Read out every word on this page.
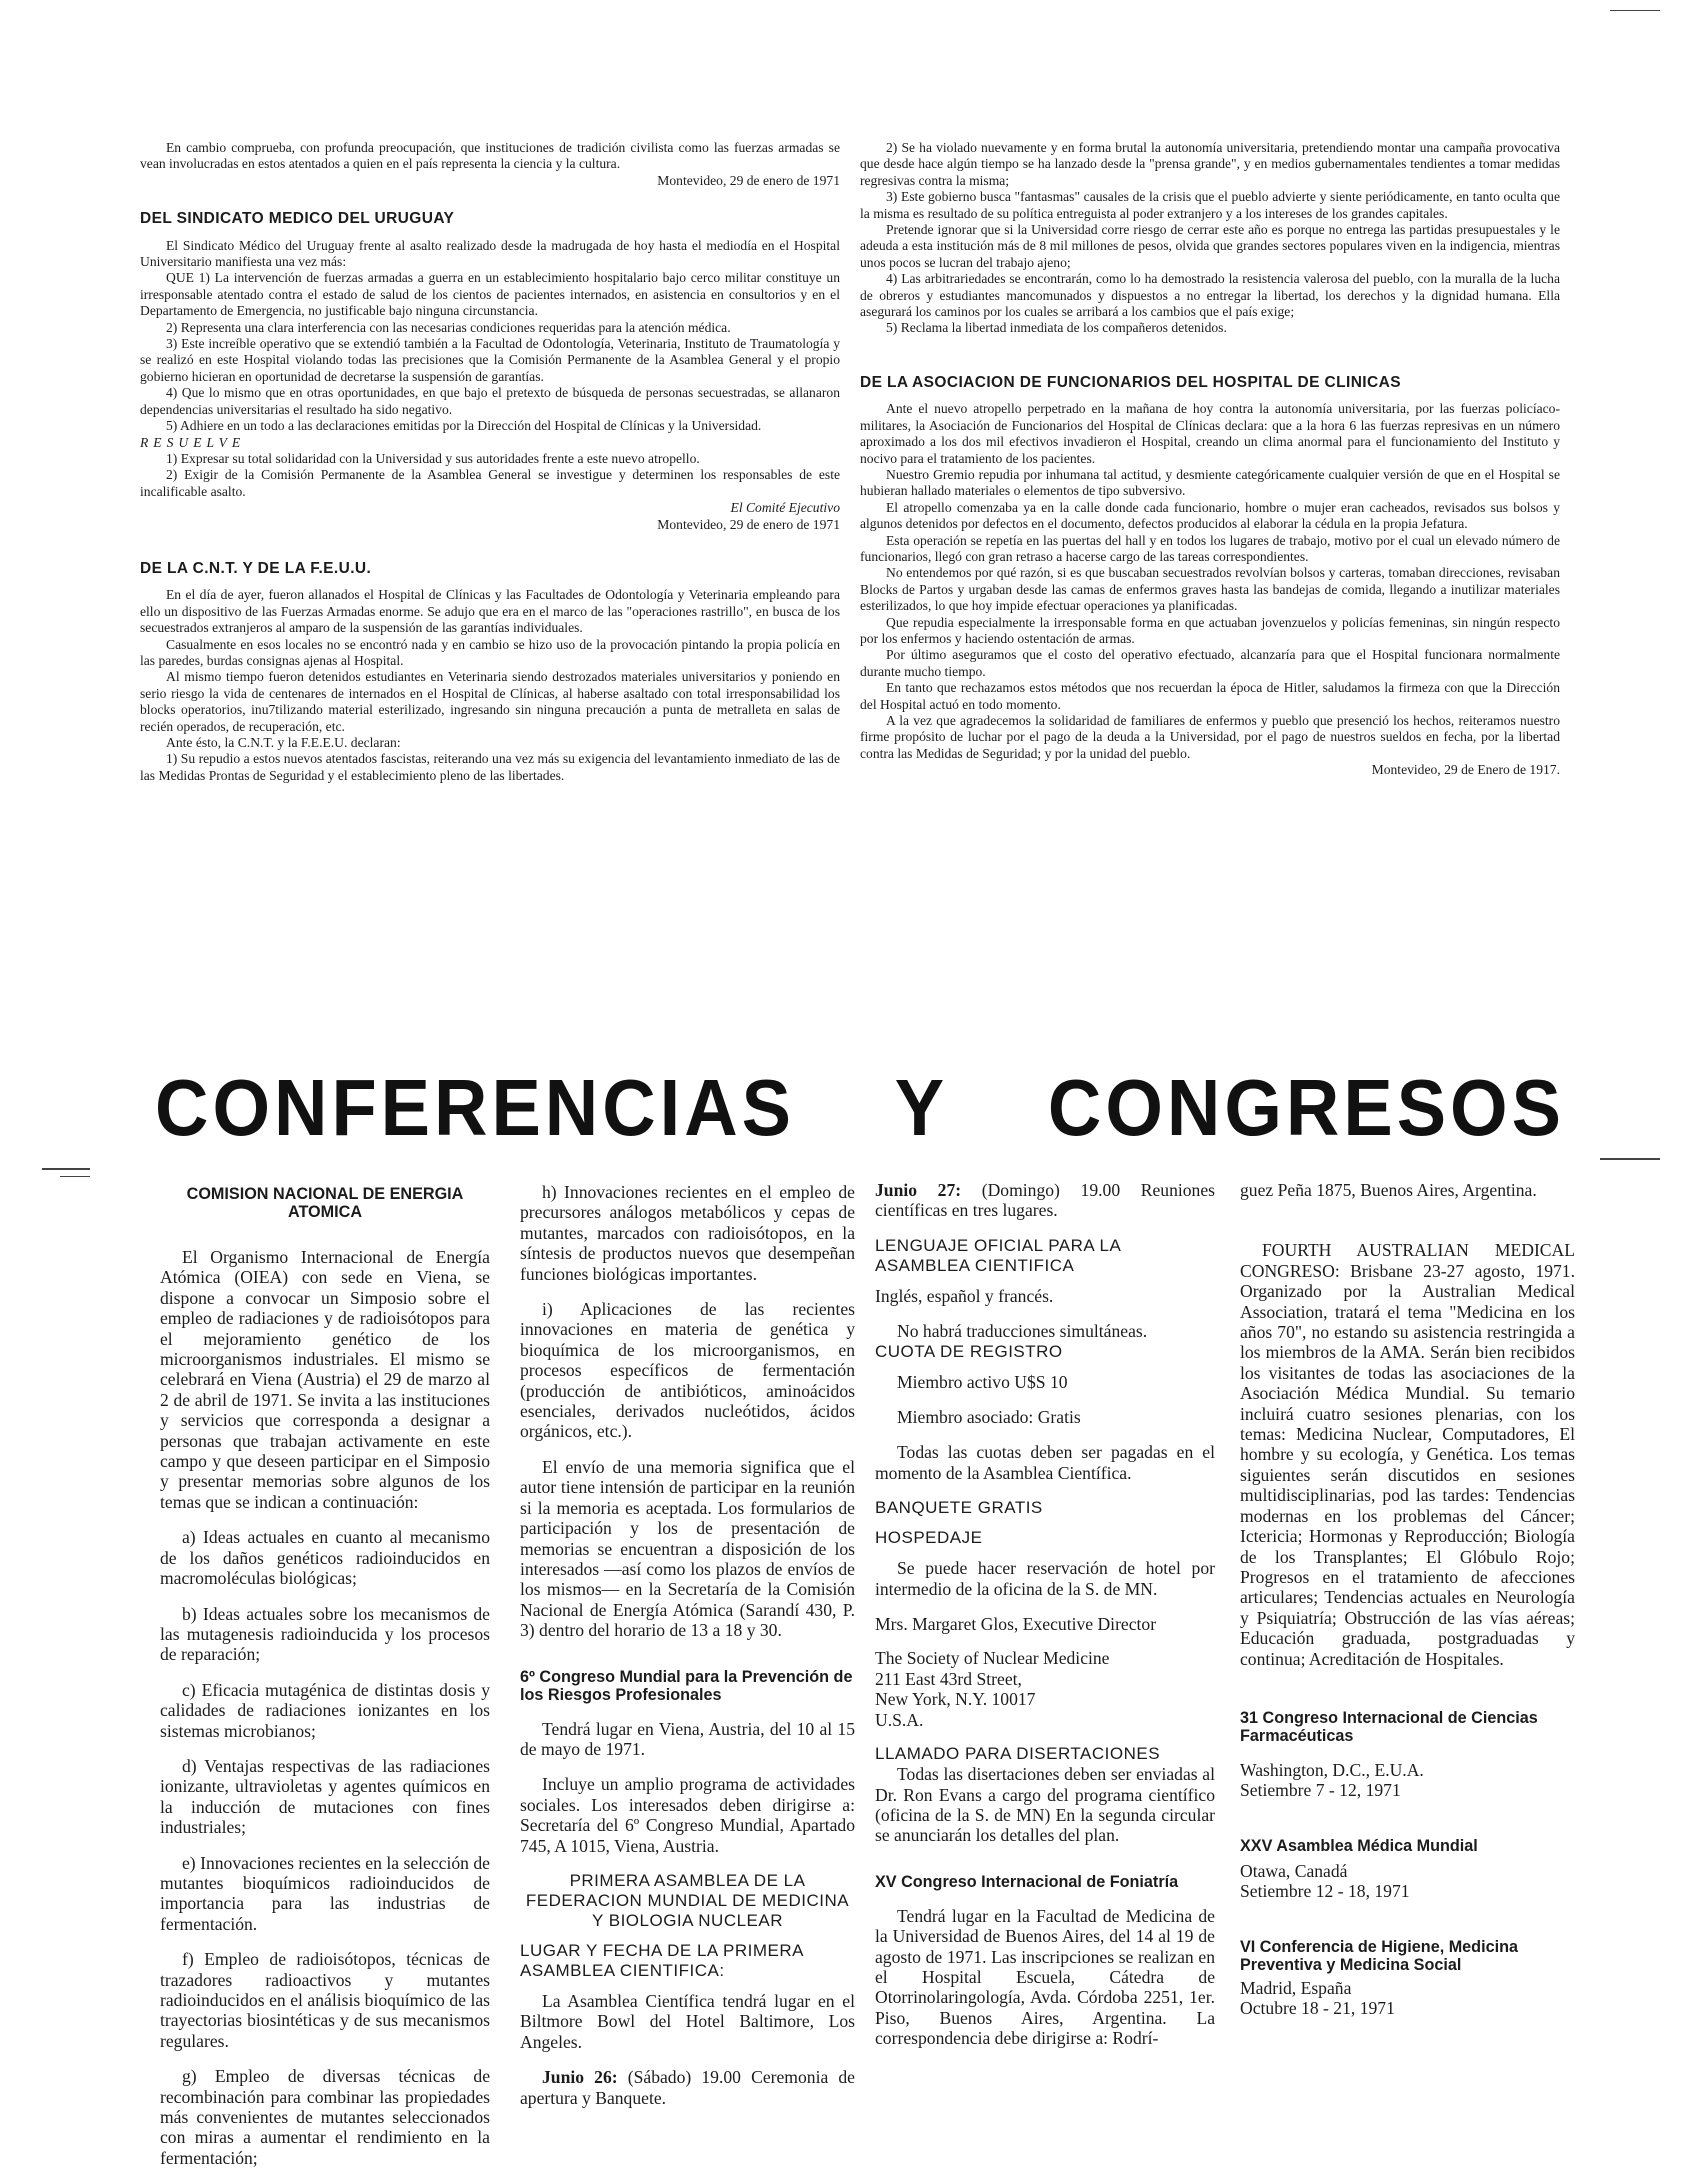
En cambio comprueba, con profunda preocupación, que instituciones de tradición civilista como las fuerzas armadas se vean involucradas en estos atentados a quien en el país representa la ciencia y la cultura.

Montevideo, 29 de enero de 1971

DEL SINDICATO MEDICO DEL URUGUAY

El Sindicato Médico del Uruguay frente al asalto realizado desde la madrugada de hoy hasta el mediodía en el Hospital Universitario manifiesta una vez más:

QUE 1) La intervención de fuerzas armadas a guerra en un establecimiento hospitalario bajo cerco militar constituye un irresponsable atentado contra el estado de salud de los cientos de pacientes internados, en asistencia en consultorios y en el Departamento de Emergencia, no justificable bajo ninguna circunstancia.

2) Representa una clara interferencia con las necesarias condiciones requeridas para la atención médica.

3) Este increíble operativo que se extendió también a la Facultad de Odontología, Veterinaria, Instituto de Traumatología y se realizó en este Hospital violando todas las precisiones que la Comisión Permanente de la Asamblea General y el propio gobierno hicieran en oportunidad de decretarse la suspensión de garantías.

4) Que lo mismo que en otras oportunidades, en que bajo el pretexto de búsqueda de personas secuestradas, se allanaron dependencias universitarias el resultado ha sido negativo.

5) Adhiere en un todo a las declaraciones emitidas por la Dirección del Hospital de Clínicas y la Universidad.

RESUELVE

1) Expresar su total solidaridad con la Universidad y sus autoridades frente a este nuevo atropello.

2) Exigir de la Comisión Permanente de la Asamblea General se investigue y determinen los responsables de este incalificable asalto.

El Comité Ejecutivo

Montevideo, 29 de enero de 1971

DE LA C.N.T. Y DE LA F.E.U.U.

En el día de ayer, fueron allanados el Hospital de Clínicas y las Facultades de Odontología y Veterinaria empleando para ello un dispositivo de las Fuerzas Armadas enorme. Se adujo que era en el marco de las "operaciones rastrillo", en busca de los secuestrados extranjeros al amparo de la suspensión de las garantías individuales.

Casualmente en esos locales no se encontró nada y en cambio se hizo uso de la provocación pintando la propia policía en las paredes, burdas consignas ajenas al Hospital.

Al mismo tiempo fueron detenidos estudiantes en Veterinaria siendo destrozados materiales universitarios y poniendo en serio riesgo la vida de centenares de internados en el Hospital de Clínicas, al haberse asaltado con total irresponsabilidad los blocks operatorios, inu7tilizando material esterilizado, ingresando sin ninguna precaución a punta de metralleta en salas de recién operados, de recuperación, etc.

Ante ésto, la C.N.T. y la F.E.E.U. declaran:

1) Su repudio a estos nuevos atentados fascistas, reiterando una vez más su exigencia del levantamiento inmediato de las de las Medidas Prontas de Seguridad y el establecimiento pleno de las libertades.

2) Se ha violado nuevamente y en forma brutal la autonomía universitaria, pretendiendo montar una campaña provocativa que desde hace algún tiempo se ha lanzado desde la "prensa grande", y en medios gubernamentales tendientes a tomar medidas regresivas contra la misma;

3) Este gobierno busca "fantasmas" causales de la crisis que el pueblo advierte y siente periódicamente, en tanto oculta que la misma es resultado de su política entreguista al poder extranjero y a los intereses de los grandes capitales.

Pretende ignorar que si la Universidad corre riesgo de cerrar este año es porque no entrega las partidas presupuestales y le adeuda a esta institución más de 8 mil millones de pesos, olvida que grandes sectores populares viven en la indigencia, mientras unos pocos se lucran del trabajo ajeno;

4) Las arbitrariedades se encontrarán, como lo ha demostrado la resistencia valerosa del pueblo, con la muralla de la lucha de obreros y estudiantes mancomunados y dispuestos a no entregar la libertad, los derechos y la dignidad humana. Ella asegurará los caminos por los cuales se arribará a los cambios que el país exige;

5) Reclama la libertad inmediata de los compañeros detenidos.

DE LA ASOCIACION DE FUNCIONARIOS DEL HOSPITAL DE CLINICAS

Ante el nuevo atropello perpetrado en la mañana de hoy contra la autonomía universitaria, por las fuerzas policíaco-militares, la Asociación de Funcionarios del Hospital de Clínicas declara: que a la hora 6 las fuerzas represivas en un número aproximado a los dos mil efectivos invadieron el Hospital, creando un clima anormal para el funcionamiento del Instituto y nocivo para el tratamiento de los pacientes.

Nuestro Gremio repudia por inhumana tal actitud, y desmiente categóricamente cualquier versión de que en el Hospital se hubieran hallado materiales o elementos de tipo subversivo.

El atropello comenzaba ya en la calle donde cada funcionario, hombre o mujer eran cacheados, revisados sus bolsos y algunos detenidos por defectos en el documento, defectos producidos al elaborar la cédula en la propia Jefatura.

Esta operación se repetía en las puertas del hall y en todos los lugares de trabajo, motivo por el cual un elevado número de funcionarios, llegó con gran retraso a hacerse cargo de las tareas correspondientes.

No entendemos por qué razón, si es que buscaban secuestrados revolvían bolsos y carteras, tomaban direcciones, revisaban Blocks de Partos y urgaban desde las camas de enfermos graves hasta las bandejas de comida, llegando a inutilizar materiales esterilizados, lo que hoy impide efectuar operaciones ya planificadas.

Que repudia especialmente la irresponsable forma en que actuaban jovenzuelos y policías femeninas, sin ningún respecto por los enfermos y haciendo ostentación de armas.

Por último aseguramos que el costo del operativo efectuado, alcanzaría para que el Hospital funcionara normalmente durante mucho tiempo.

En tanto que rechazamos estos métodos que nos recuerdan la época de Hitler, saludamos la firmeza con que la Dirección del Hospital actuó en todo momento.

A la vez que agradecemos la solidaridad de familiares de enfermos y pueblo que presenció los hechos, reiteramos nuestro firme propósito de luchar por el pago de la deuda a la Universidad, por el pago de nuestros sueldos en fecha, por la libertad contra las Medidas de Seguridad; y por la unidad del pueblo.

Montevideo, 29 de Enero de 1917.

CONFERENCIAS Y CONGRESOS
COMISION NACIONAL DE ENERGIA ATOMICA

El Organismo Internacional de Energía Atómica (OIEA) con sede en Viena, se dispone a convocar un Simposio sobre el empleo de radiaciones y de radioisótopos para el mejoramiento genético de los microorganismos industriales. El mismo se celebrará en Viena (Austria) el 29 de marzo al 2 de abril de 1971. Se invita a las instituciones y servicios que corresponda a designar a personas que trabajan activamente en este campo y que deseen participar en el Simposio y presentar memorias sobre algunos de los temas que se indican a continuación:

a) Ideas actuales en cuanto al mecanismo de los daños genéticos radioinducidos en macromoléculas biológicas;

b) Ideas actuales sobre los mecanismos de las mutagenesis radioinducida y los procesos de reparación;

c) Eficacia mutagénica de distintas dosis y calidades de radiaciones ionizantes en los sistemas microbianos;

d) Ventajas respectivas de las radiaciones ionizante, ultravioletas y agentes químicos en la inducción de mutaciones con fines industriales;

e) Innovaciones recientes en la selección de mutantes bioquímicos radioinducidos de importancia para las industrias de fermentación.

f) Empleo de radioisótopos, técnicas de trazadores radioactivos y mutantes radioinducidos en el análisis bioquímico de las trayectorias biosintéticas y de sus mecanismos regulares.

g) Empleo de diversas técnicas de recombinación para combinar las propiedades más convenientes de mutantes seleccionados con miras a aumentar el rendimiento en la fermentación;

h) Innovaciones recientes en el empleo de precursores análogos metabólicos y cepas de mutantes, marcados con radioisótopos, en la síntesis de productos nuevos que desempeñan funciones biológicas importantes.

i) Aplicaciones de las recientes innovaciones en materia de genética y bioquímica de los microorganismos, en procesos específicos de fermentación (producción de antibióticos, aminoácidos esenciales, derivados nucleótidos, ácidos orgánicos, etc.).

El envío de una memoria significa que el autor tiene intensión de participar en la reunión si la memoria es aceptada. Los formularios de participación y los de presentación de memorias se encuentran a disposición de los interesados —así como los plazos de envíos de los mismos— en la Secretaría de la Comisión Nacional de Energía Atómica (Sarandí 430, P. 3) dentro del horario de 13 a 18 y 30.

6º Congreso Mundial para la Prevención de los Riesgos Profesionales

Tendrá lugar en Viena, Austria, del 10 al 15 de mayo de 1971.

Incluye un amplio programa de actividades sociales. Los interesados deben dirigirse a: Secretaría del 6º Congreso Mundial, Apartado 745, A 1015, Viena, Austria.

PRIMERA ASAMBLEA DE LA FEDERACION MUNDIAL DE MEDICINA Y BIOLOGIA NUCLEAR
LUGAR Y FECHA DE LA PRIMERA ASAMBLEA CIENTIFICA:

La Asamblea Científica tendrá lugar en el Biltmore Bowl del Hotel Baltimore, Los Angeles.

Junio 26: (Sábado) 19.00 Ceremonia de apertura y Banquete.

Junio 27: (Domingo) 19.00 Reuniones científicas en tres lugares.

LENGUAJE OFICIAL PARA LA ASAMBLEA CIENTIFICA

Inglés, español y francés.

No habrá traducciones simultáneas.

CUOTA DE REGISTRO

Miembro activo U$S 10

Miembro asociado: Gratis

Todas las cuotas deben ser pagadas en el momento de la Asamblea Científica.

BANQUETE GRATIS
HOSPEDAJE

Se puede hacer reservación de hotel por intermedio de la oficina de la S. de MN.

Mrs. Margaret Glos, Executive Director

The Society of Nuclear Medicine

211 East 43rd Street,

New York, N.Y. 10017

U.S.A.

LLAMADO PARA DISERTACIONES

Todas las disertaciones deben ser enviadas al Dr. Ron Evans a cargo del programa científico (oficina de la S. de MN) En la segunda circular se anunciarán los detalles del plan.

XV Congreso Internacional de Foniatría

Tendrá lugar en la Facultad de Medicina de la Universidad de Buenos Aires, del 14 al 19 de agosto de 1971. Las inscripciones se realizan en el Hospital Escuela, Cátedra de Otorrinolaringología, Avda. Córdoba 2251, 1er. Piso, Buenos Aires, Argentina. La correspondencia debe dirigirse a: Rodrí-

guez Peña 1875, Buenos Aires, Argentina.

FOURTH AUSTRALIAN MEDICAL CONGRESO: Brisbane 23-27 agosto, 1971. Organizado por la Australian Medical Association, tratará el tema "Medicina en los años 70", no estando su asistencia restringida a los miembros de la AMA. Serán bien recibidos los visitantes de todas las asociaciones de la Asociación Médica Mundial. Su temario incluirá cuatro sesiones plenarias, con los temas: Medicina Nuclear, Computadores, El hombre y su ecología, y Genética. Los temas siguientes serán discutidos en sesiones multidisciplinarias, pod las tardes: Tendencias modernas en los problemas del Cáncer; Ictericia; Hormonas y Reproducción; Biología de los Transplantes; El Glóbulo Rojo; Progresos en el tratamiento de afecciones articulares; Tendencias actuales en Neurología y Psiquiatría; Obstrucción de las vías aéreas; Educación graduada, postgraduadas y continua; Acreditación de Hospitales.

31 Congreso Internacional de Ciencias Farmacéuticas

Washington, D.C., E.U.A.

Setiembre 7 - 12, 1971

XXV Asamblea Médica Mundial

Otawa, Canadá

Setiembre 12 - 18, 1971

VI Conferencia de Higiene, Medicina Preventiva y Medicina Social

Madrid, España

Octubre 18 - 21, 1971
